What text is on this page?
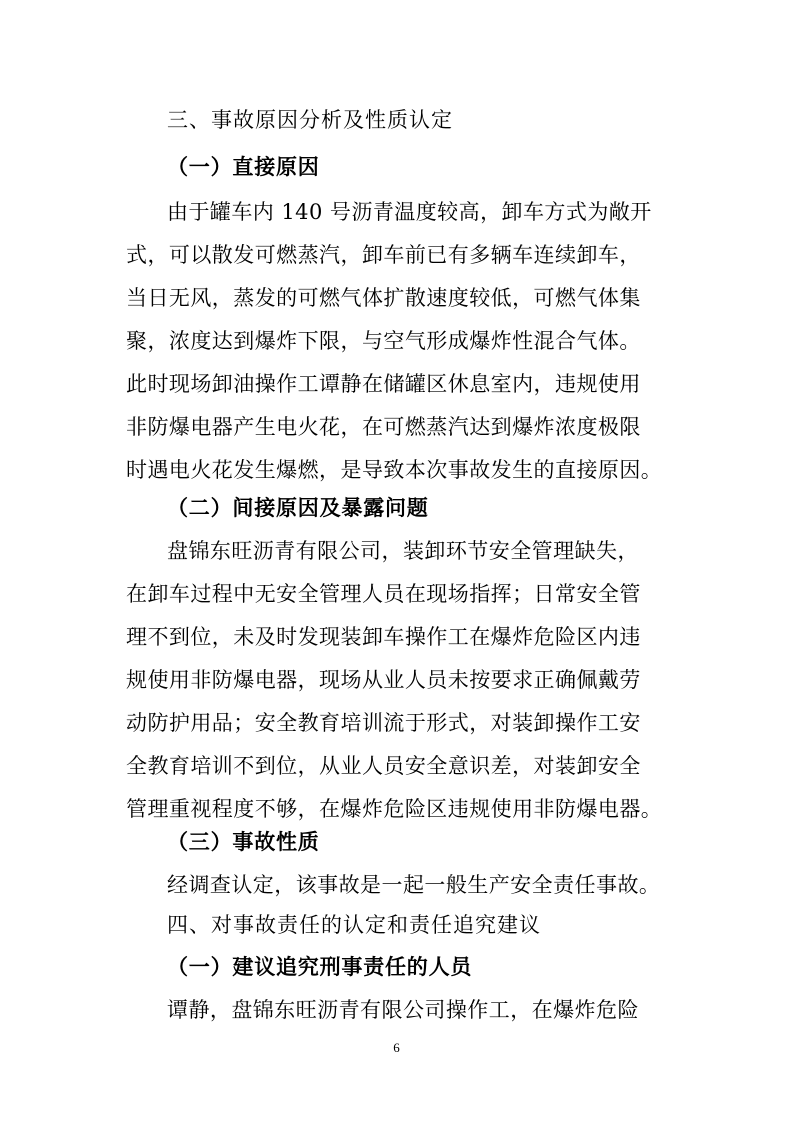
三、事故原因分析及性质认定
（一）直接原因
由于罐车内 140 号沥青温度较高，卸车方式为敞开
式，可以散发可燃蒸汽，卸车前已有多辆车连续卸车，
当日无风，蒸发的可燃气体扩散速度较低，可燃气体集
聚，浓度达到爆炸下限，与空气形成爆炸性混合气体。
此时现场卸油操作工谭静在储罐区休息室内，违规使用
非防爆电器产生电火花，在可燃蒸汽达到爆炸浓度极限
时遇电火花发生爆燃，是导致本次事故发生的直接原因。
（二）间接原因及暴露问题
盘锦东旺沥青有限公司，装卸环节安全管理缺失，
在卸车过程中无安全管理人员在现场指挥；日常安全管
理不到位，未及时发现装卸车操作工在爆炸危险区内违
规使用非防爆电器，现场从业人员未按要求正确佩戴劳
动防护用品；安全教育培训流于形式，对装卸操作工安
全教育培训不到位，从业人员安全意识差，对装卸安全
管理重视程度不够，在爆炸危险区违规使用非防爆电器。
（三）事故性质
经调查认定，该事故是一起一般生产安全责任事故。
四、对事故责任的认定和责任追究建议
（一）建议追究刑事责任的人员
谭静，盘锦东旺沥青有限公司操作工，在爆炸危险
6
